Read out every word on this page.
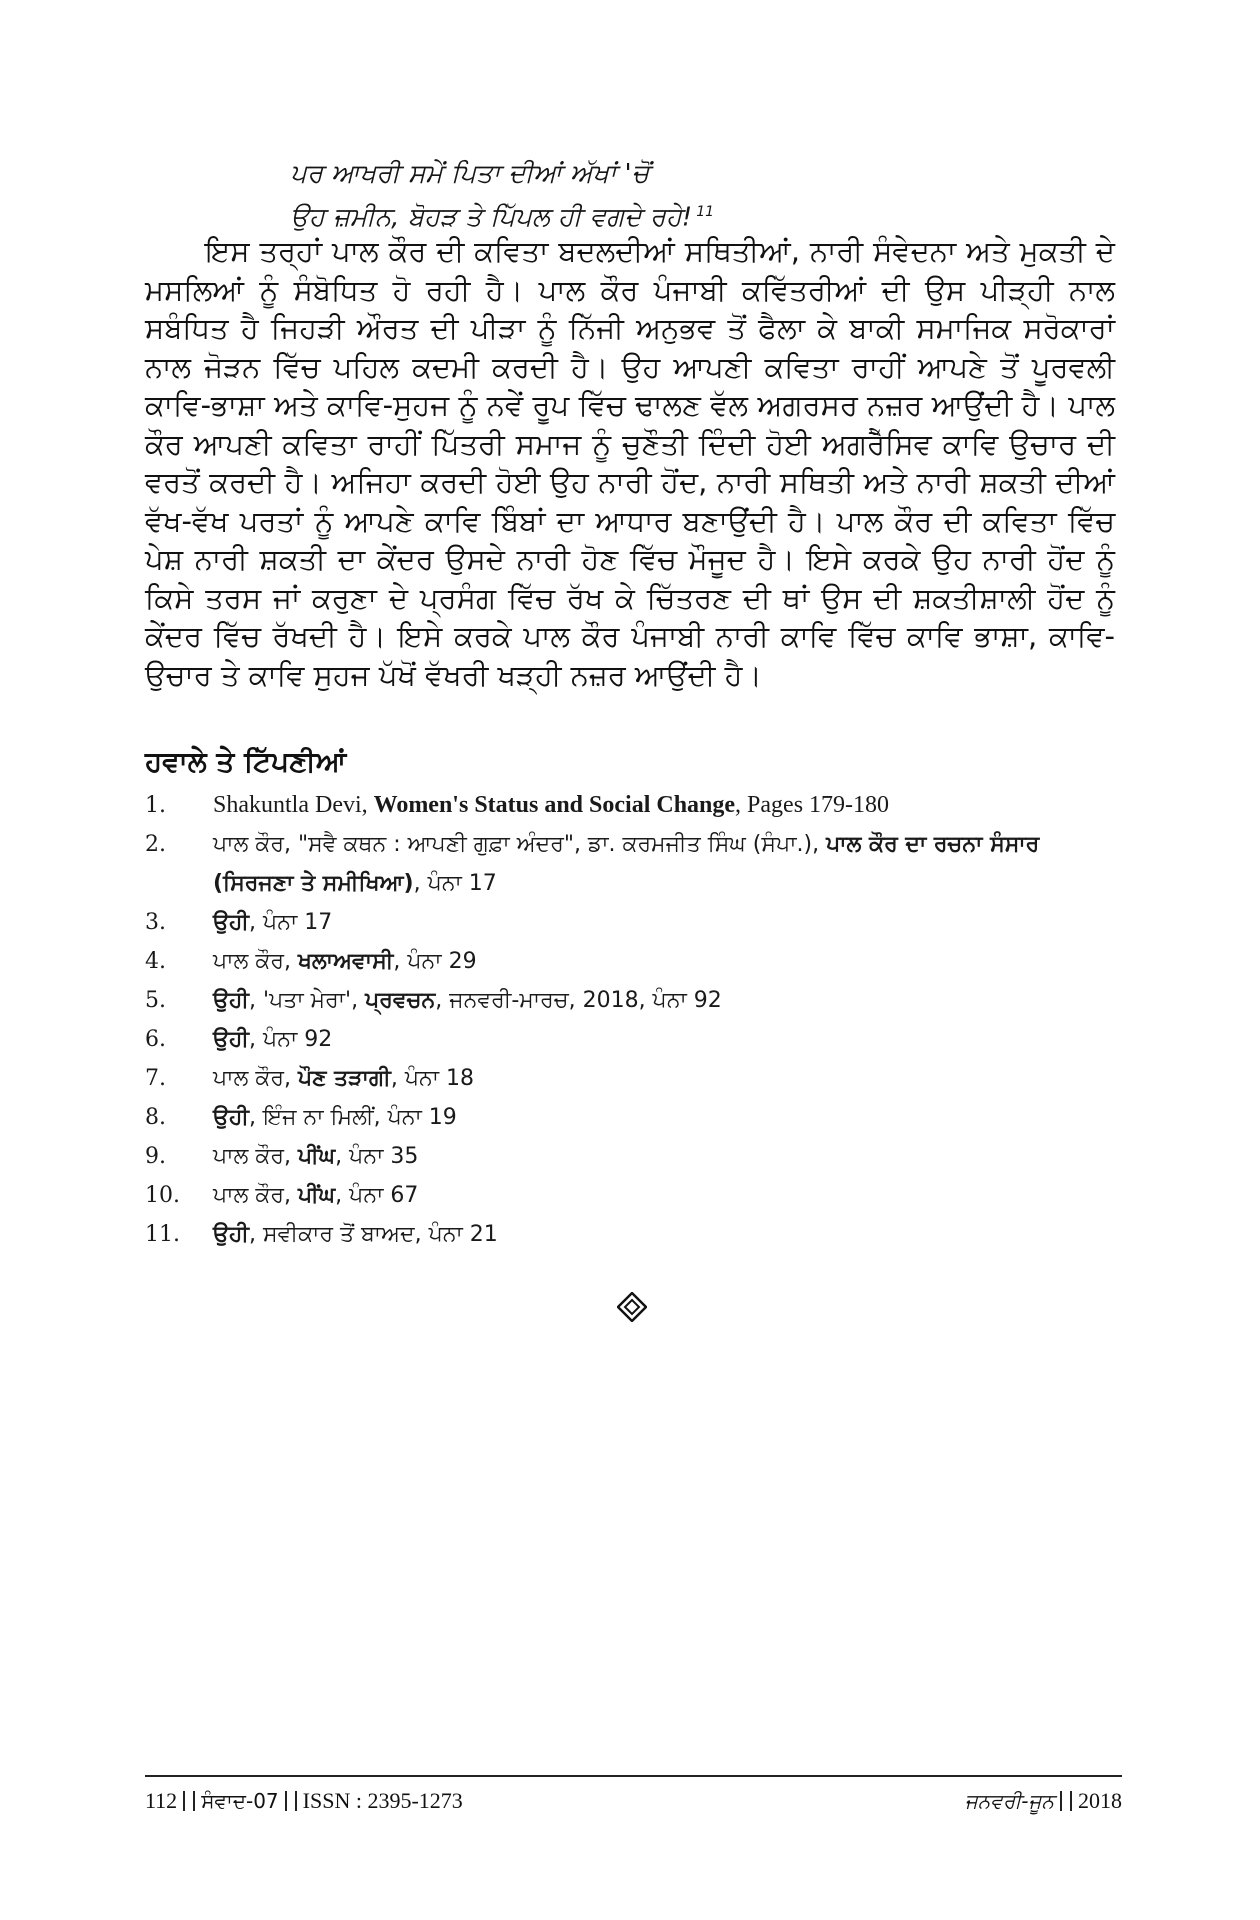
ਪਰ ਆਖਰੀ ਸਮੇਂ ਪਿਤਾ ਦੀਆਂ ਅੱਖਾਂ 'ਚੋਂ
ਉਹ ਜ਼ਮੀਨ, ਬੋਹੜ ਤੇ ਪਿੱਪਲ ਹੀ ਵਗਦੇ ਰਹੇ! $^{11}$

ਇਸ ਤਰ੍ਹਾਂ ਪਾਲ ਕੌਰ ਦੀ ਕਵਿਤਾ ਬਦਲਦੀਆਂ ਸਥਿਤੀਆਂ, ਨਾਰੀ ਸੰਵੇਦਨਾ ਅਤੇ ਮੁਕਤੀ ਦੇ ਮਸਲਿਆਂ ਨੂੰ ਸੰਬੋਧਿਤ ਹੋ ਰਹੀ ਹੈ। ਪਾਲ ਕੌਰ ਪੰਜਾਬੀ ਕਵਿੱਤਰੀਆਂ ਦੀ ਉਸ ਪੀੜ੍ਹੀ ਨਾਲ ਸਬੰਧਿਤ ਹੈ ਜਿਹੜੀ ਔਰਤ ਦੀ ਪੀੜਾ ਨੂੰ ਨਿੱਜੀ ਅਨੁਭਵ ਤੋਂ ਫੈਲਾ ਕੇ ਬਾਕੀ ਸਮਾਜਿਕ ਸਰੋਕਾਰਾਂ ਨਾਲ ਜੋੜਨ ਵਿੱਚ ਪਹਿਲ ਕਦਮੀ ਕਰਦੀ ਹੈ। ਉਹ ਆਪਣੀ ਕਵਿਤਾ ਰਾਹੀਂ ਆਪਣੇ ਤੋਂ ਪੂਰਵਲੀ ਕਾਵਿ-ਭਾਸ਼ਾ ਅਤੇ ਕਾਵਿ-ਸੁਹਜ ਨੂੰ ਨਵੇਂ ਰੂਪ ਵਿੱਚ ਢਾਲਣ ਵੱਲ ਅਗਰਸਰ ਨਜ਼ਰ ਆਉਂਦੀ ਹੈ। ਪਾਲ ਕੌਰ ਆਪਣੀ ਕਵਿਤਾ ਰਾਹੀਂ ਪਿੱਤਰੀ ਸਮਾਜ ਨੂੰ ਚੁਣੌਤੀ ਦਿੰਦੀ ਹੋਈ ਅਗਰੈੱਸਿਵ ਕਾਵਿ ਉਚਾਰ ਦੀ ਵਰਤੋਂ ਕਰਦੀ ਹੈ। ਅਜਿਹਾ ਕਰਦੀ ਹੋਈ ਉਹ ਨਾਰੀ ਹੋਂਦ, ਨਾਰੀ ਸਥਿਤੀ ਅਤੇ ਨਾਰੀ ਸ਼ਕਤੀ ਦੀਆਂ ਵੱਖ-ਵੱਖ ਪਰਤਾਂ ਨੂੰ ਆਪਣੇ ਕਾਵਿ ਬਿੰਬਾਂ ਦਾ ਆਧਾਰ ਬਣਾਉਂਦੀ ਹੈ। ਪਾਲ ਕੌਰ ਦੀ ਕਵਿਤਾ ਵਿੱਚ ਪੇਸ਼ ਨਾਰੀ ਸ਼ਕਤੀ ਦਾ ਕੇਂਦਰ ਉਸਦੇ ਨਾਰੀ ਹੋਣ ਵਿੱਚ ਮੌਜੂਦ ਹੈ। ਇਸੇ ਕਰਕੇ ਉਹ ਨਾਰੀ ਹੋਂਦ ਨੂੰ ਕਿਸੇ ਤਰਸ ਜਾਂ ਕਰੁਣਾ ਦੇ ਪ੍ਰਸੰਗ ਵਿੱਚ ਰੱਖ ਕੇ ਚਿੱਤਰਣ ਦੀ ਥਾਂ ਉਸ ਦੀ ਸ਼ਕਤੀਸ਼ਾਲੀ ਹੋਂਦ ਨੂੰ ਕੇਂਦਰ ਵਿੱਚ ਰੱਖਦੀ ਹੈ। ਇਸੇ ਕਰਕੇ ਪਾਲ ਕੌਰ ਪੰਜਾਬੀ ਨਾਰੀ ਕਾਵਿ ਵਿੱਚ ਕਾਵਿ ਭਾਸ਼ਾ, ਕਾਵਿ-ਉਚਾਰ ਤੇ ਕਾਵਿ ਸੁਹਜ ਪੱਖੋਂ ਵੱਖਰੀ ਖੜ੍ਹੀ ਨਜ਼ਰ ਆਉਂਦੀ ਹੈ।

ਹਵਾਲੇ ਤੇ ਟਿੱਪਣੀਆਂ
1.	Shakuntla Devi, Women's Status and Social Change, Pages 179-180
2.	ਪਾਲ ਕੌਰ, "ਸਵੈ ਕਥਨ : ਆਪਣੀ ਗੁਫ਼ਾ ਅੰਦਰ", ਡਾ. ਕਰਮਜੀਤ ਸਿੰਘ (ਸੰਪਾ.), ਪਾਲ ਕੌਰ ਦਾ ਰਚਨਾ ਸੰਸਾਰ
(ਸਿਰਜਣਾ ਤੇ ਸਮੀਖਿਆ), ਪੰਨਾ 17
3.	ਉਹੀ, ਪੰਨਾ 17
4.	ਪਾਲ ਕੌਰ, ਖਲਾਅਵਾਸੀ, ਪੰਨਾ 29
5.	ਉਹੀ, 'ਪਤਾ ਮੇਰਾ', ਪ੍ਰਵਚਨ, ਜਨਵਰੀ-ਮਾਰਚ, 2018, ਪੰਨਾ 92
6.	ਉਹੀ, ਪੰਨਾ 92
7.	ਪਾਲ ਕੌਰ, ਪੌਣ ਤੜਾਗੀ, ਪੰਨਾ 18
8.	ਉਹੀ, ਇੰਜ ਨਾ ਮਿਲੀਂ, ਪੰਨਾ 19
9.	ਪਾਲ ਕੌਰ, ਪੀਂਘ, ਪੰਨਾ 35
10.	ਪਾਲ ਕੌਰ, ਪੀਂਘ, ਪੰਨਾ 67
11.	ਉਹੀ, ਸਵੀਕਾਰ ਤੋਂ ਬਾਅਦ, ਪੰਨਾ 21
112 ਸੰਵਾਦ-07 ISSN : 2395-1273	ਜਨਵਰੀ-ਜੂਨ 2018
